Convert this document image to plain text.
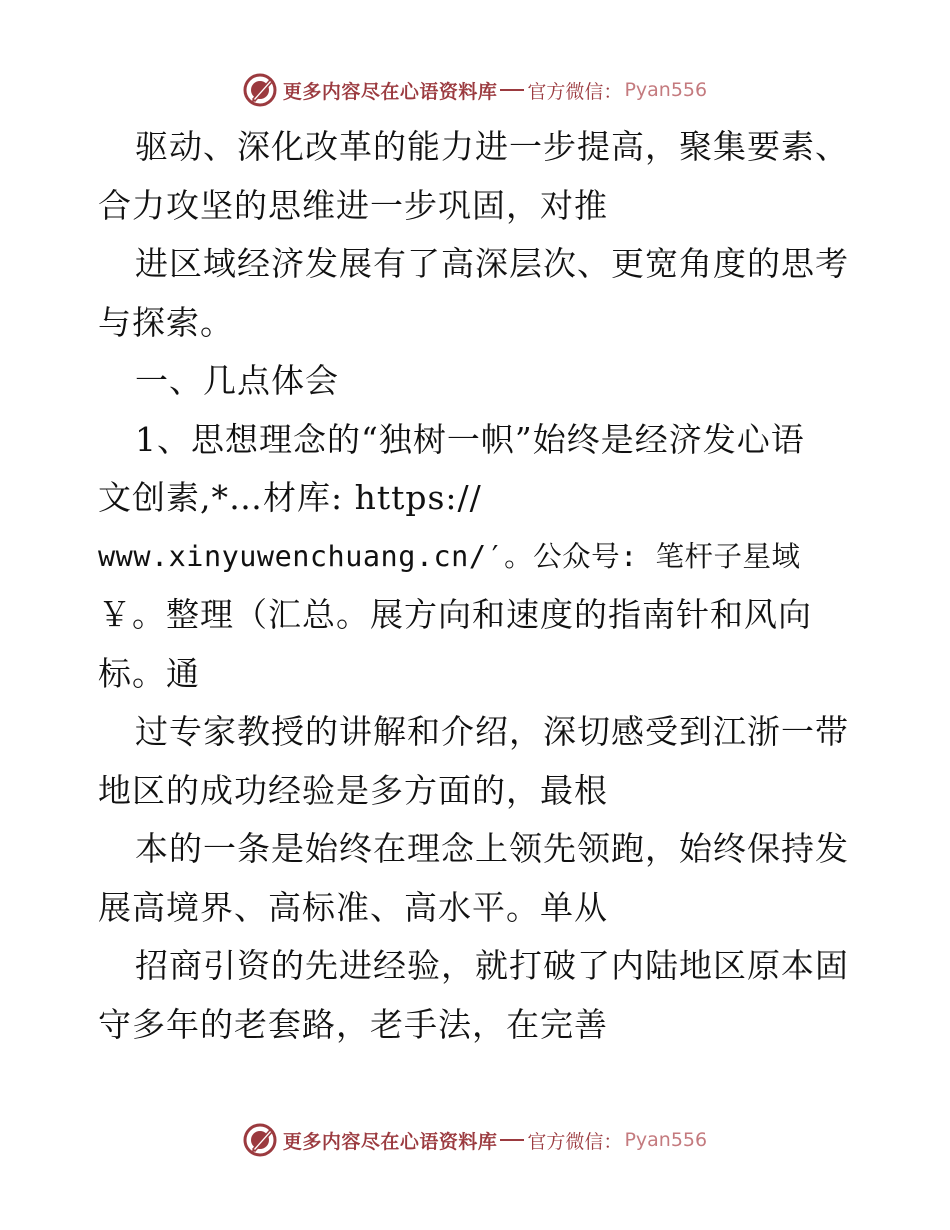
更多内容尽在心语资料库 官方微信： Pyan556
驱动、深化改革的能力进一步提高，聚集要素、
合力攻坚的思维进一步巩固，对推
进区域经济发展有了高深层次、更宽角度的思考
与探索。
一、几点体会
1、思想理念的“独树一帜”始终是经济发心语
文创素,*…材库: https://
www.xinyuwenchuang.cn/′。公众号: 笔杆子星域
￥。整理（汇总。展方向和速度的指南针和风向
标。通
过专家教授的讲解和介绍，深切感受到江浙一带
地区的成功经验是多方面的，最根
本的一条是始终在理念上领先领跑，始终保持发
展高境界、高标准、高水平。单从
招商引资的先进经验，就打破了内陆地区原本固
守多年的老套路，老手法，在完善
更多内容尽在心语资料库 官方微信： Pyan556
